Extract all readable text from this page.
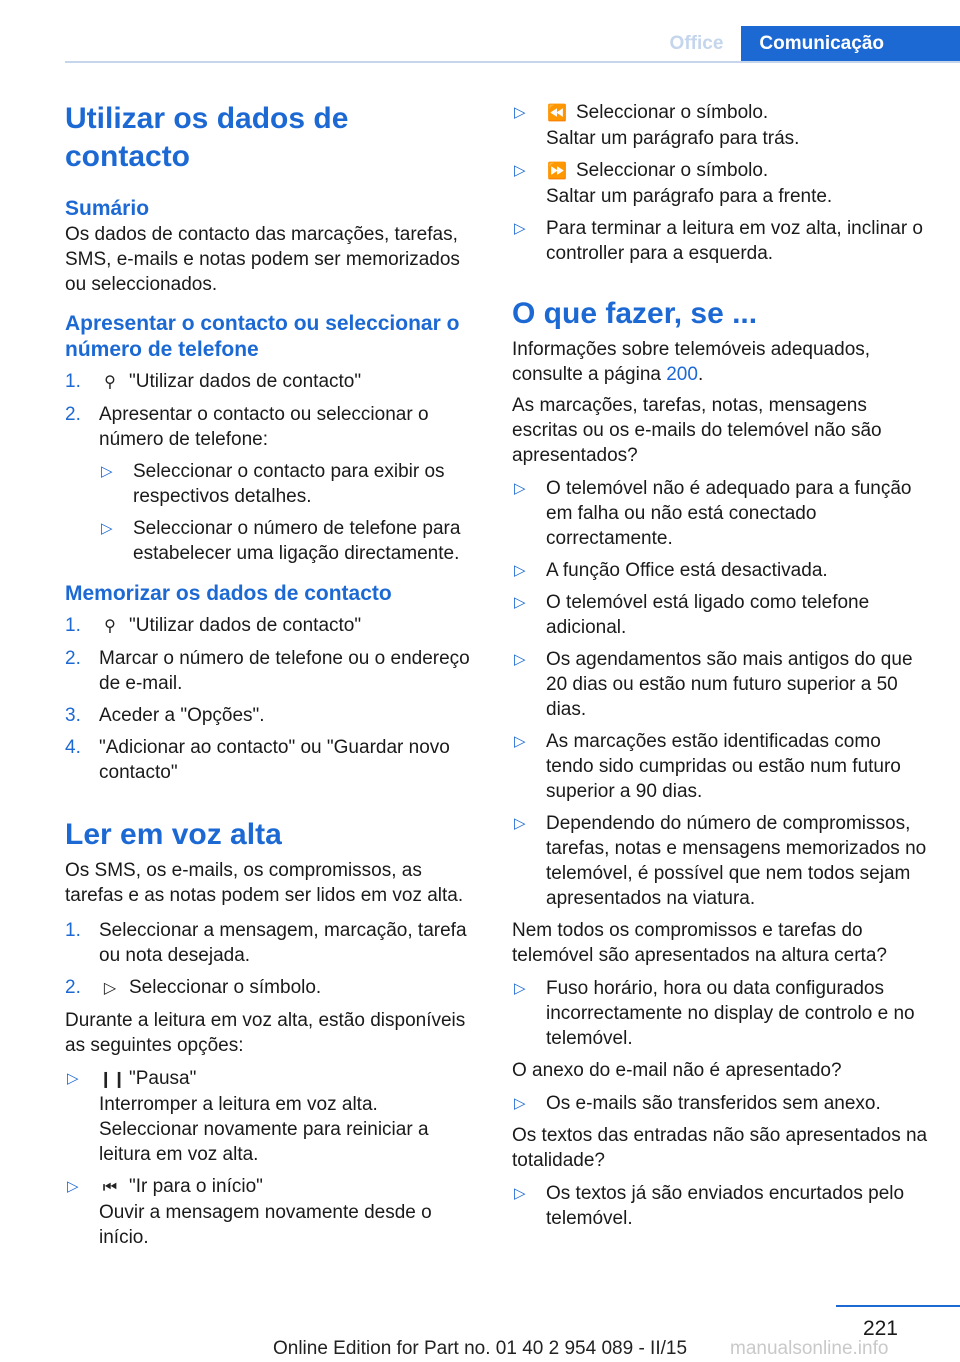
Office	Comunicação
Utilizar os dados de contacto
Sumário

Os dados de contacto das marcações, tarefas, SMS, e-mails e notas podem ser memorizados ou seleccionados.

Apresentar o contacto ou seleccionar o número de telefone
1. ⚲ "Utilizar dados de contacto"
2. Apresentar o contacto ou seleccionar o número de telefone:
▷ Seleccionar o contacto para exibir os respectivos detalhes.
▷ Seleccionar o número de telefone para estabelecer uma ligação directamente.
Memorizar os dados de contacto
1. ⚲ "Utilizar dados de contacto"
2. Marcar o número de telefone ou o endereço de e-mail.
3. Aceder a "Opções".
4. "Adicionar ao contacto" ou "Guardar novo contacto"
Ler em voz alta

Os SMS, os e-mails, os compromissos, as tarefas e as notas podem ser lidos em voz alta.

1. Seleccionar a mensagem, marcação, tarefa ou nota desejada.
2. ▷ Seleccionar o símbolo.

Durante a leitura em voz alta, estão disponíveis as seguintes opções:

▷ ❙❙ "Pausa"
Interromper a leitura em voz alta. Seleccionar novamente para reiniciar a leitura em voz alta.
▷ ⏮ "Ir para o início"
Ouvir a mensagem novamente desde o início.
▷ ⏪ Seleccionar o símbolo.
Saltar um parágrafo para trás.
▷ ⏩ Seleccionar o símbolo.
Saltar um parágrafo para a frente.
▷ Para terminar a leitura em voz alta, inclinar o controller para a esquerda.
O que fazer, se ...

Informações sobre telemóveis adequados, consulte a página 200.

As marcações, tarefas, notas, mensagens escritas ou os e-mails do telemóvel não são apresentados?

▷ O telemóvel não é adequado para a função em falha ou não está conectado correctamente.
▷ A função Office está desactivada.
▷ O telemóvel está ligado como telefone adicional.
▷ Os agendamentos são mais antigos do que 20 dias ou estão num futuro superior a 50 dias.
▷ As marcações estão identificadas como tendo sido cumpridas ou estão num futuro superior a 90 dias.
▷ Dependendo do número de compromissos, tarefas, notas e mensagens memorizados no telemóvel, é possível que nem todos sejam apresentados na viatura.

Nem todos os compromissos e tarefas do telemóvel são apresentados na altura certa?

▷ Fuso horário, hora ou data configurados incorrectamente no display de controlo e no telemóvel.

O anexo do e-mail não é apresentado?

▷ Os e-mails são transferidos sem anexo.

Os textos das entradas não são apresentados na totalidade?

▷ Os textos já são enviados encurtados pelo telemóvel.
221
manualsonline.info
Online Edition for Part no. 01 40 2 954 089 - II/15
